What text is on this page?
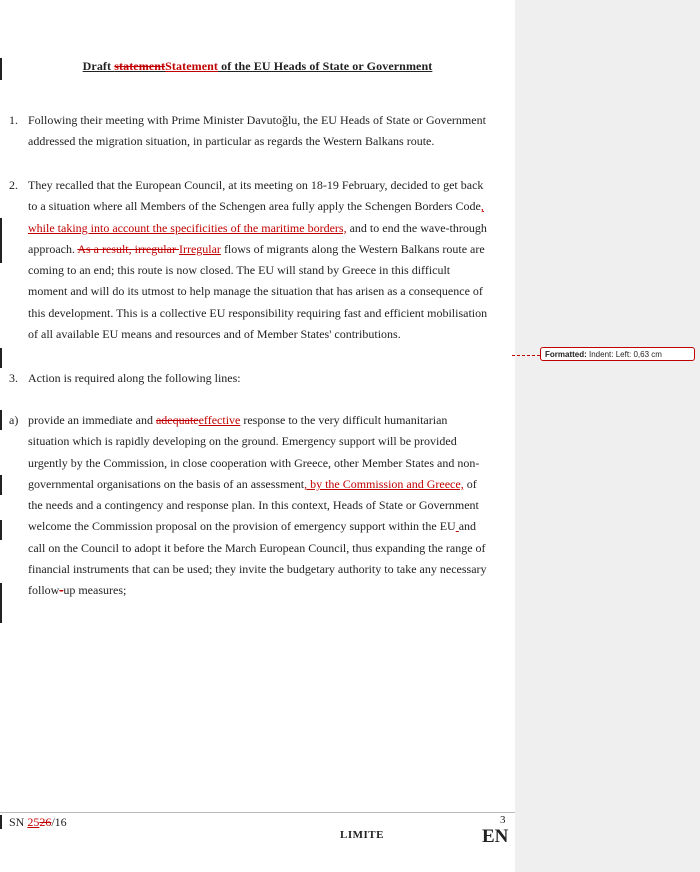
Draft statementStatement of the EU Heads of State or Government
1. Following their meeting with Prime Minister Davutoğlu, the EU Heads of State or Government
addressed the migration situation, in particular as regards the Western Balkans route.
2. They recalled that the European Council, at its meeting on 18-19 February, decided to get back
to a situation where all Members of the Schengen area fully apply the Schengen Borders Code,
while taking into account the specificities of the maritime borders, and to end the wave-through
approach. As a result, irregular Irregular flows of migrants along the Western Balkans route are
coming to an end; this route is now closed. The EU will stand by Greece in this difficult
moment and will do its utmost to help manage the situation that has arisen as a consequence of
this development. This is a collective EU responsibility requiring fast and efficient mobilisation
of all available EU means and resources and of Member States' contributions.
3. Action is required along the following lines:
a) provide an immediate and adequateeffective response to the very difficult humanitarian
situation which is rapidly developing on the ground. Emergency support will be provided
urgently by the Commission, in close cooperation with Greece, other Member States and non-
governmental organisations on the basis of an assessment, by the Commission and Greece, of
the needs and a contingency and response plan. In this context, Heads of State or Government
welcome the Commission proposal on the provision of emergency support within the EU and
call on the Council to adopt it before the March European Council, thus expanding the range of
financial instruments that can be used; they invite the budgetary authority to take any necessary
follow-up measures;
SN 2526/16
LIMITE
3
EN
Formatted: Indent: Left: 0,63 cm
